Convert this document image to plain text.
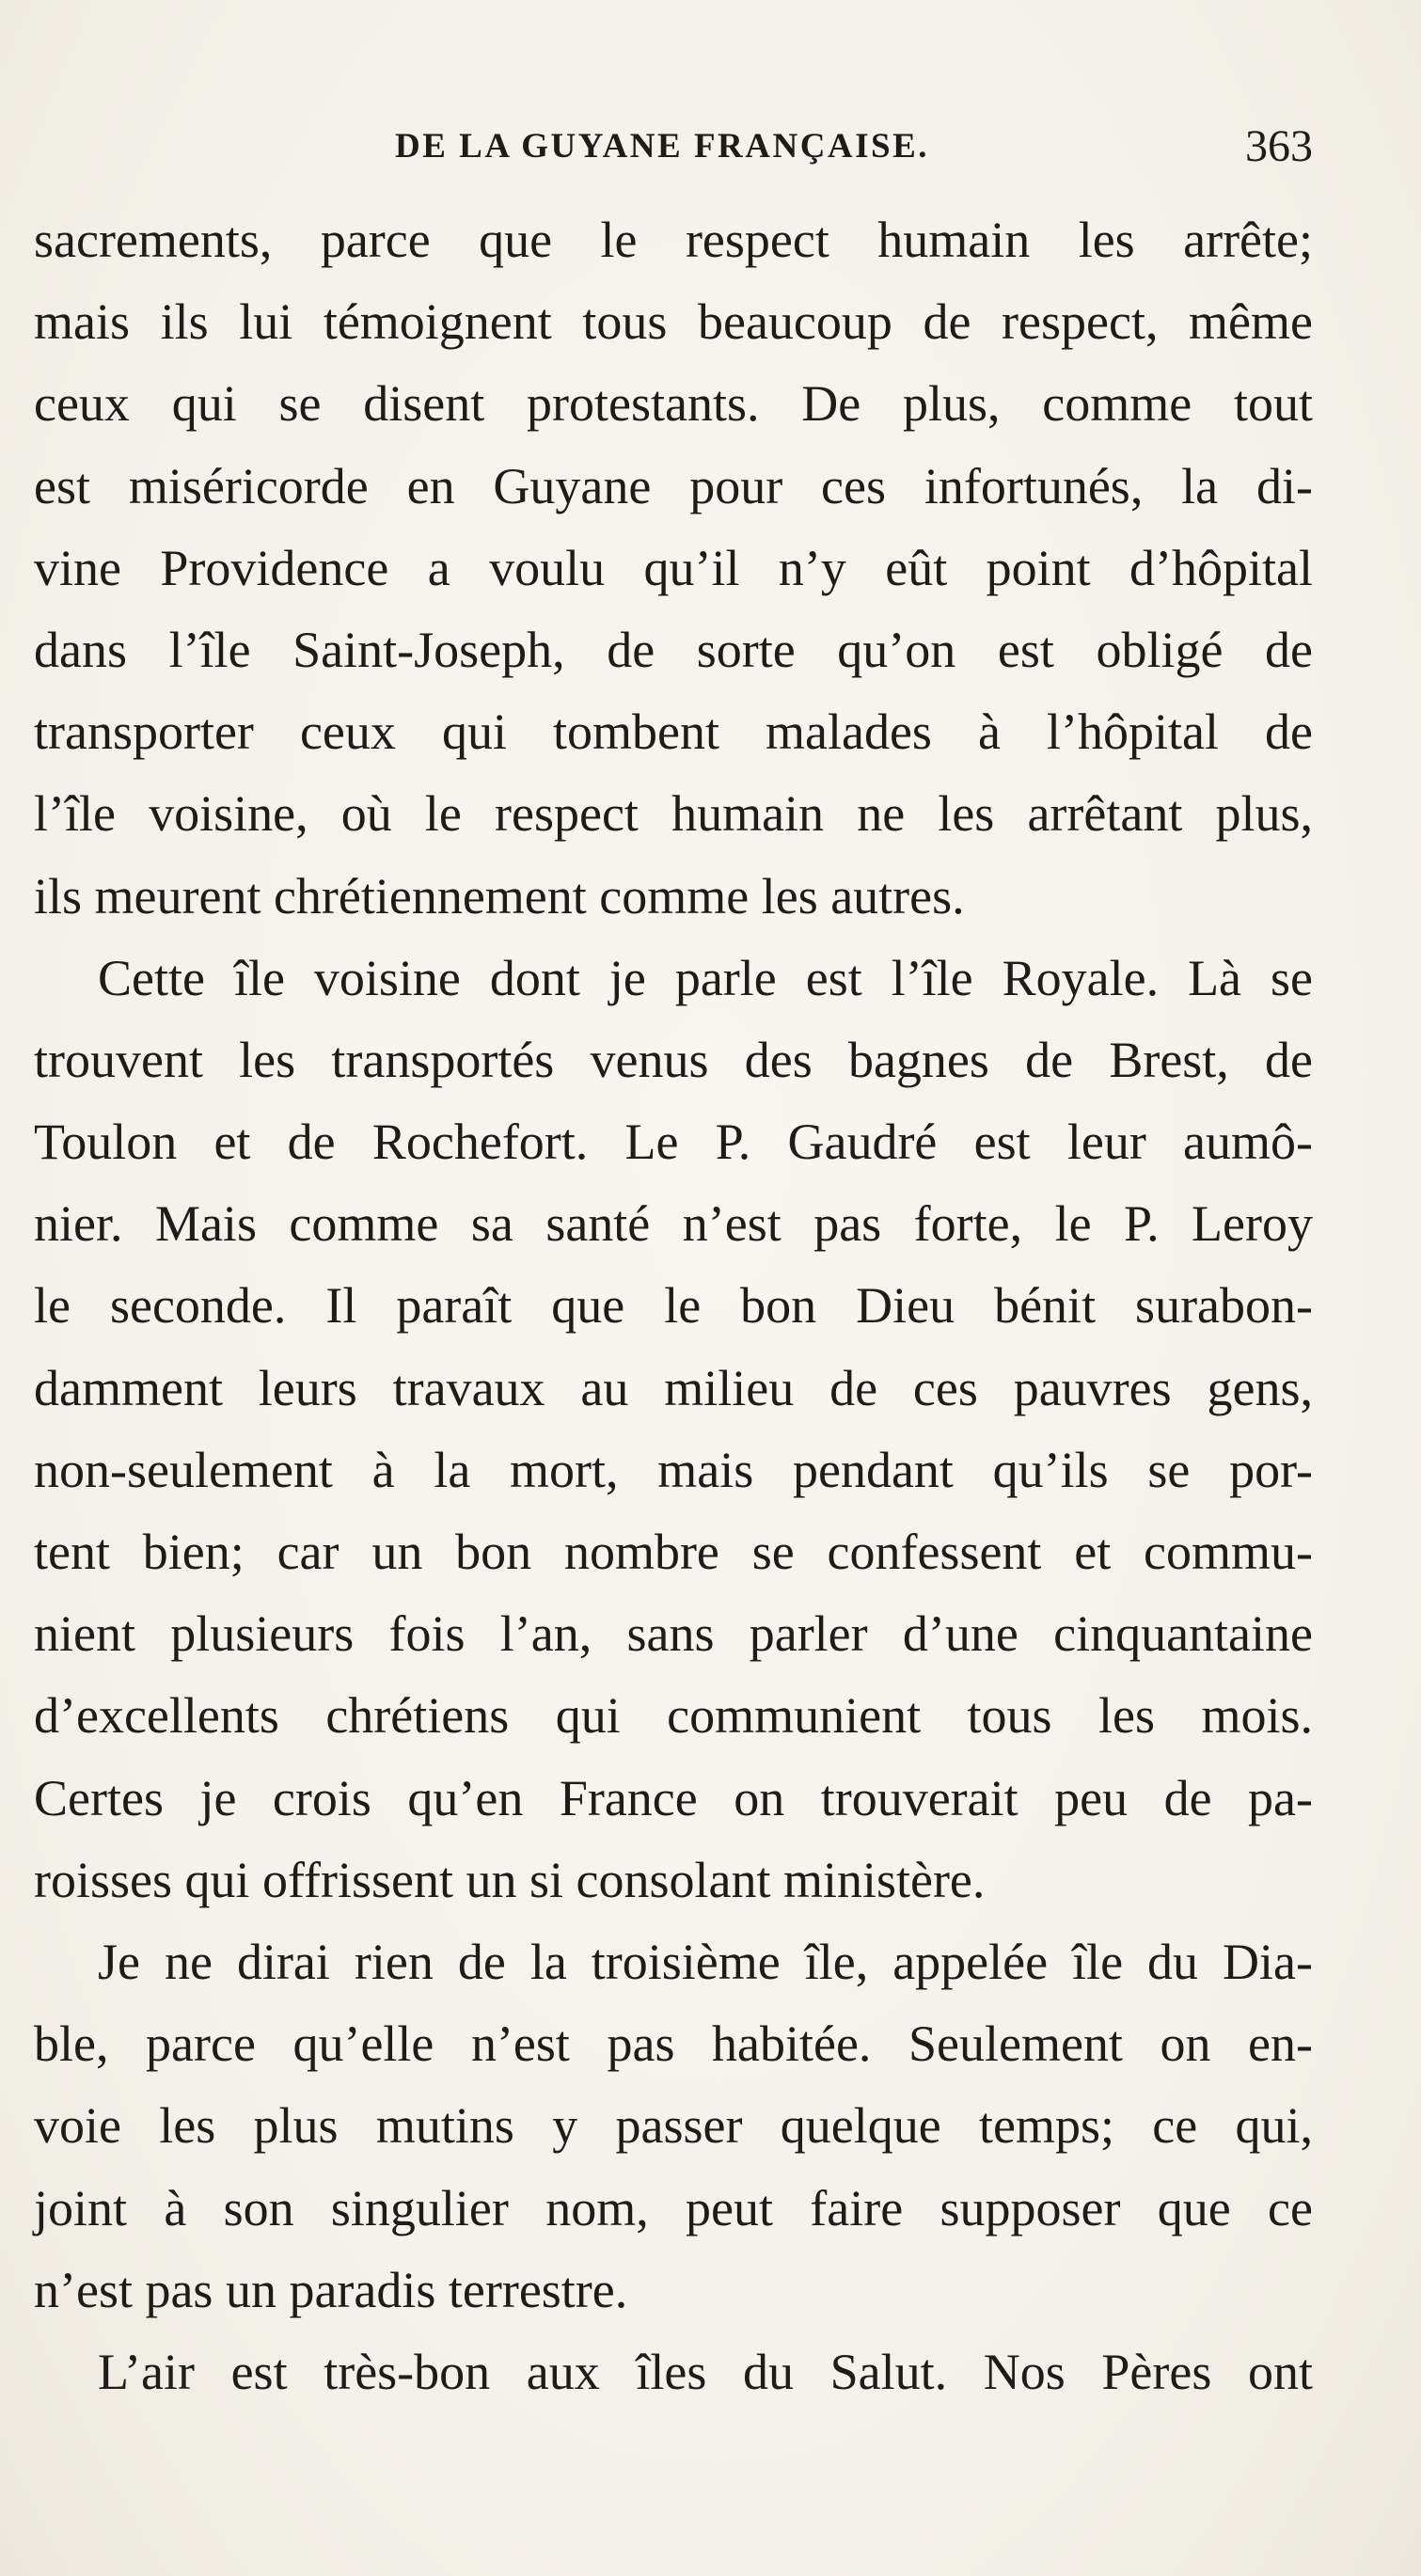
DE LA GUYANE FRANÇAISE.	363
sacrements, parce que le respect humain les arrête;
mais ils lui témoignent tous beaucoup de respect, même
ceux qui se disent protestants. De plus, comme tout
est miséricorde en Guyane pour ces infortunés, la di-
vine Providence a voulu qu’il n’y eût point d’hôpital
dans l’île Saint-Joseph, de sorte qu’on est obligé de
transporter ceux qui tombent malades à l’hôpital de
l’île voisine, où le respect humain ne les arrêtant plus,
ils meurent chrétiennement comme les autres.
Cette île voisine dont je parle est l’île Royale. Là se
trouvent les transportés venus des bagnes de Brest, de
Toulon et de Rochefort. Le P. Gaudré est leur aumô-
nier. Mais comme sa santé n’est pas forte, le P. Leroy
le seconde. Il paraît que le bon Dieu bénit surabon-
damment leurs travaux au milieu de ces pauvres gens,
non-seulement à la mort, mais pendant qu’ils se por-
tent bien; car un bon nombre se confessent et commu-
nient plusieurs fois l’an, sans parler d’une cinquantaine
d’excellents chrétiens qui communient tous les mois.
Certes je crois qu’en France on trouverait peu de pa-
roisses qui offrissent un si consolant ministère.
Je ne dirai rien de la troisième île, appelée île du Dia-
ble, parce qu’elle n’est pas habitée. Seulement on en-
voie les plus mutins y passer quelque temps; ce qui,
joint à son singulier nom, peut faire supposer que ce
n’est pas un paradis terrestre.
L’air est très-bon aux îles du Salut. Nos Pères ont
